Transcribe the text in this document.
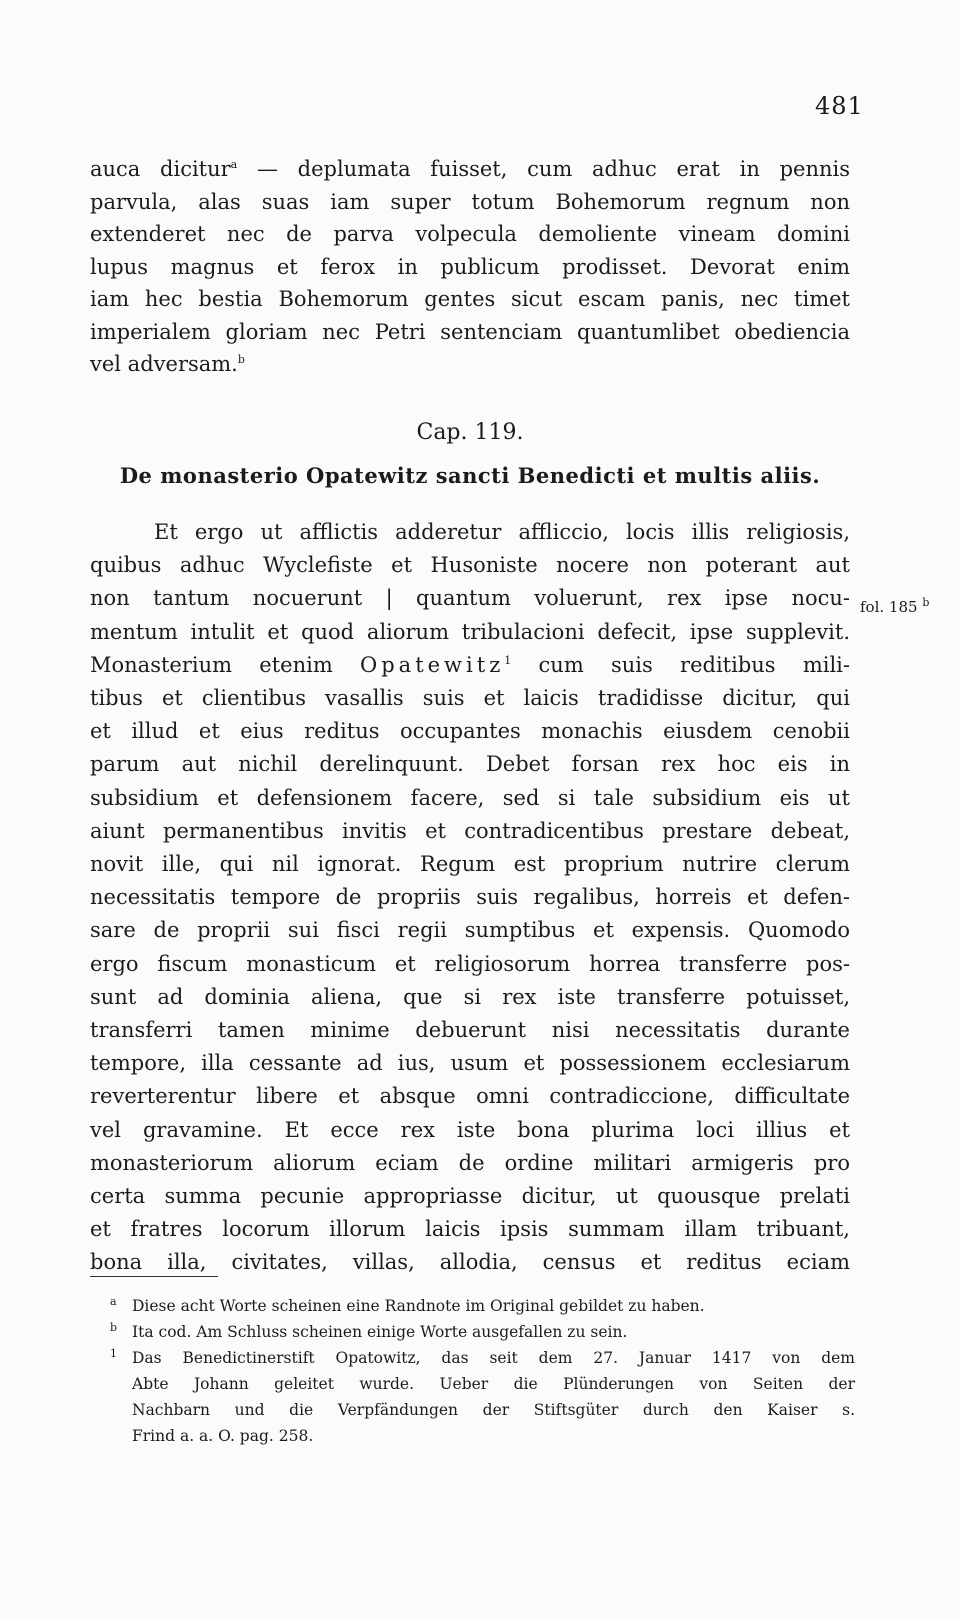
481
auca dicitur$^a$ — deplumata fuisset, cum adhuc erat in pennis
parvula, alas suas iam super totum Bohemorum regnum non
extenderet nec de parva volpecula demoliente vineam domini
lupus magnus et ferox in publicum prodisset. Devorat enim
iam hec bestia Bohemorum gentes sicut escam panis, nec timet
imperialem gloriam nec Petri sentenciam quantumlibet obediencia
vel adversam.$^b$
Cap. 119.
De monasterio Opatewitz sancti Benedicti et multis aliis.
Et ergo ut afflictis adderetur affliccio, locis illis religiosis,
quibus adhuc Wyclefiste et Husoniste nocere non poterant aut
non tantum nocuerunt | quantum voluerunt, rex ipse nocu-
mentum intulit et quod aliorum tribulacioni defecit, ipse supplevit.
Monasterium etenim Opatewitz$^1$ cum suis reditibus mili-
tibus et clientibus vasallis suis et laicis tradidisse dicitur, qui
et illud et eius reditus occupantes monachis eiusdem cenobii
parum aut nichil derelinquunt. Debet forsan rex hoc eis in
subsidium et defensionem facere, sed si tale subsidium eis ut
aiunt permanentibus invitis et contradicentibus prestare debeat,
novit ille, qui nil ignorat. Regum est proprium nutrire clerum
necessitatis tempore de propriis suis regalibus, horreis et defen-
sare de proprii sui fisci regii sumptibus et expensis. Quomodo
ergo fiscum monasticum et religiosorum horrea transferre pos-
sunt ad dominia aliena, que si rex iste transferre potuisset,
transferri tamen minime debuerunt nisi necessitatis durante
tempore, illa cessante ad ius, usum et possessionem ecclesiarum
reverterentur libere et absque omni contradiccione, difficultate
vel gravamine. Et ecce rex iste bona plurima loci illius et
monasteriorum aliorum eciam de ordine militari armigeris pro
certa summa pecunie appropriasse dicitur, ut quousque prelati
et fratres locorum illorum laicis ipsis summam illam tribuant,
bona illa, civitates, villas, allodia, census et reditus eciam
fol. 185 $^b$
a Diese acht Worte scheinen eine Randnote im Original gebildet zu haben.
b Ita cod. Am Schluss scheinen einige Worte ausgefallen zu sein.
1 Das Benedictinerstift Opatowitz, das seit dem 27. Januar 1417 von dem
Abte Johann geleitet wurde. Ueber die Plünderungen von Seiten der
Nachbarn und die Verpfändungen der Stiftsgüter durch den Kaiser s.
Frind a. a. O. pag. 258.
